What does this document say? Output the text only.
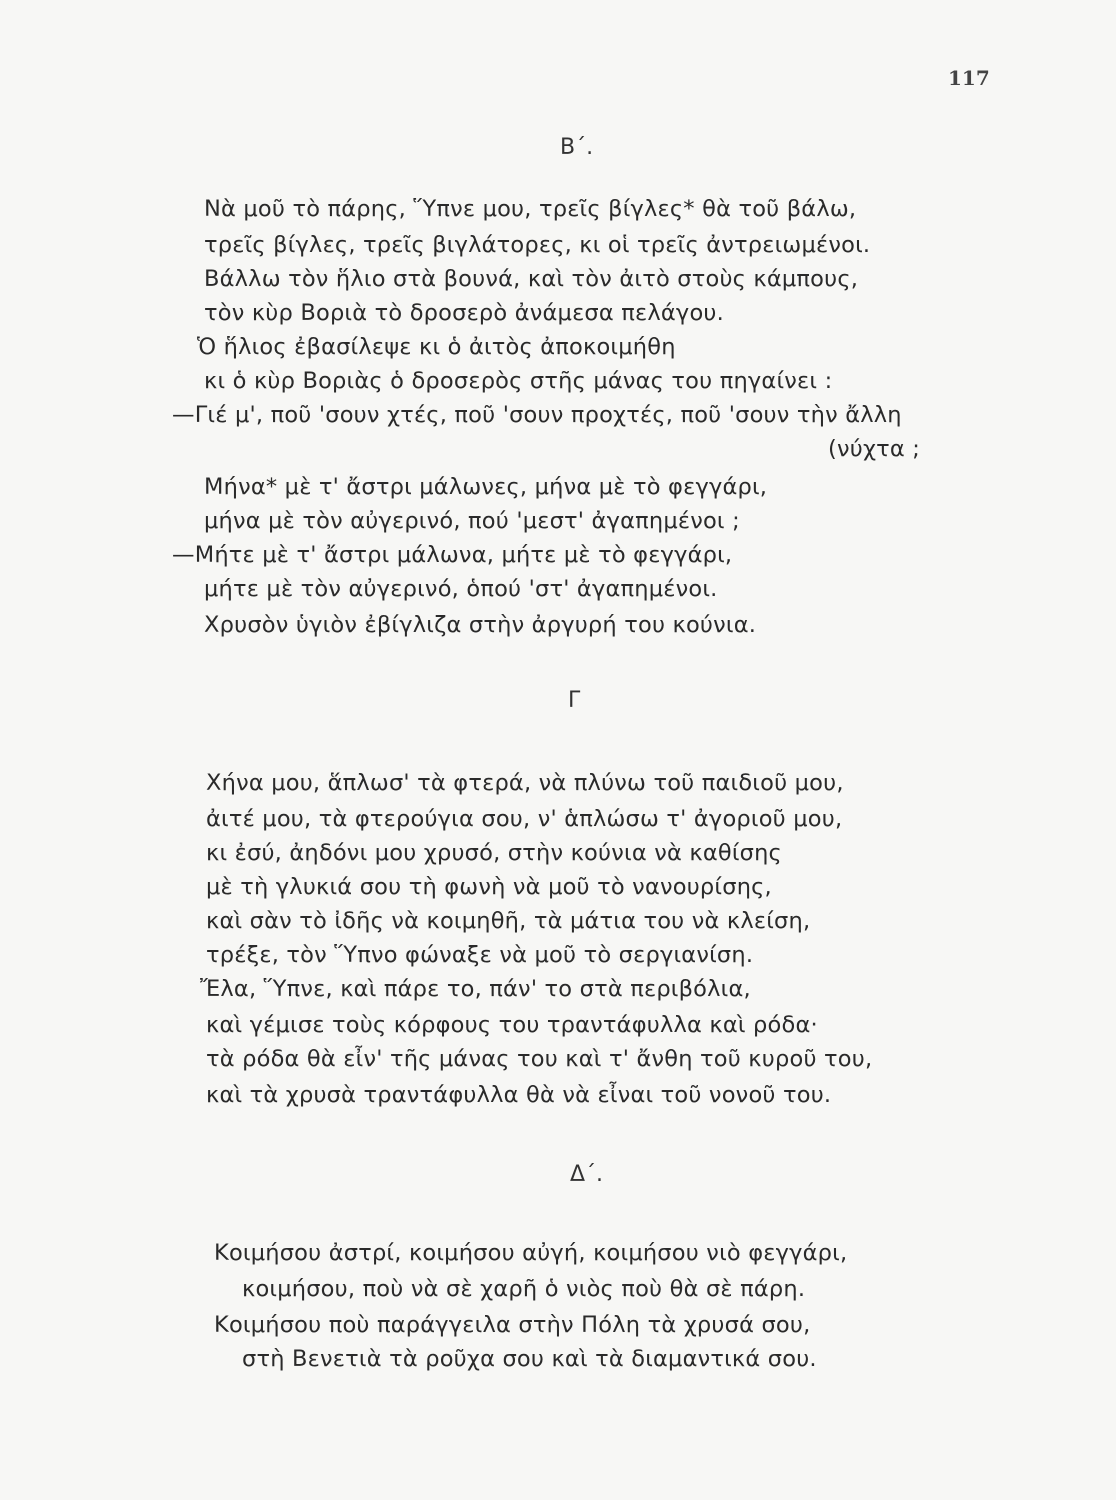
117
Β΄.
Νὰ μοῦ τὸ πάρης, Ὕπνε μου, τρεῖς βίγλες* θὰ τοῦ βάλω,
τρεῖς βίγλες, τρεῖς βιγλάτορες, κι οἱ τρεῖς ἀντρειωμένοι.
Βάλλω τὸν ἥλιο στὰ βουνά, καὶ τὸν ἀιτὸ στοὺς κάμπους,
τὸν κὺρ Βοριὰ τὸ δροσερὸ ἀνάμεσα πελάγου.
Ὁ ἥλιος ἐβασίλεψε κι ὁ ἀιτὸς ἀποκοιμήθη
κι ὁ κὺρ Βοριὰς ὁ δροσερὸς στῆς μάνας του πηγαίνει :
—Γιέ μ', ποῦ 'σουν χτές, ποῦ 'σουν προχτές, ποῦ 'σουν τὴν ἄλλη
(νύχτα ;
Μήνα* μὲ τ' ἄστρι μάλωνες, μήνα μὲ τὸ φεγγάρι,
μήνα μὲ τὸν αὐγερινό, πού 'μεστ' ἀγαπημένοι ;
—Μήτε μὲ τ' ἄστρι μάλωνα, μήτε μὲ τὸ φεγγάρι,
μήτε μὲ τὸν αὐγερινό, ὁπού 'στ' ἀγαπημένοι.
Χρυσὸν ὑγιὸν ἐβίγλιζα στὴν ἀργυρή του κούνια.
Γ
Χήνα μου, ἅπλωσ' τὰ φτερά, νὰ πλύνω τοῦ παιδιοῦ μου,
ἀιτέ μου, τὰ φτερούγια σου, ν' ἁπλώσω τ' ἀγοριοῦ μου,
κι ἐσύ, ἀηδόνι μου χρυσό, στὴν κούνια νὰ καθίσης
μὲ τὴ γλυκιά σου τὴ φωνὴ νὰ μοῦ τὸ νανουρίσης,
καὶ σὰν τὸ ἰδῆς νὰ κοιμηθῆ, τὰ μάτια του νὰ κλείση,
τρέξε, τὸν Ὕπνο φώναξε νὰ μοῦ τὸ σεργιανίση.
Ἔλα, Ὕπνε, καὶ πάρε το, πάν' το στὰ περιβόλια,
καὶ γέμισε τοὺς κόρφους του τραντάφυλλα καὶ ρόδα·
τὰ ρόδα θὰ εἶν' τῆς μάνας του καὶ τ' ἄνθη τοῦ κυροῦ του,
καὶ τὰ χρυσὰ τραντάφυλλα θὰ νὰ εἶναι τοῦ νονοῦ του.
Δ΄.
Κοιμήσου ἀστρί, κοιμήσου αὐγή, κοιμήσου νιὸ φεγγάρι,
κοιμήσου, ποὺ νὰ σὲ χαρῆ ὁ νιὸς ποὺ θὰ σὲ πάρη.
Κοιμήσου ποὺ παράγγειλα στὴν Πόλη τὰ χρυσά σου,
στὴ Βενετιὰ τὰ ροῦχα σου καὶ τὰ διαμαντικά σου.
